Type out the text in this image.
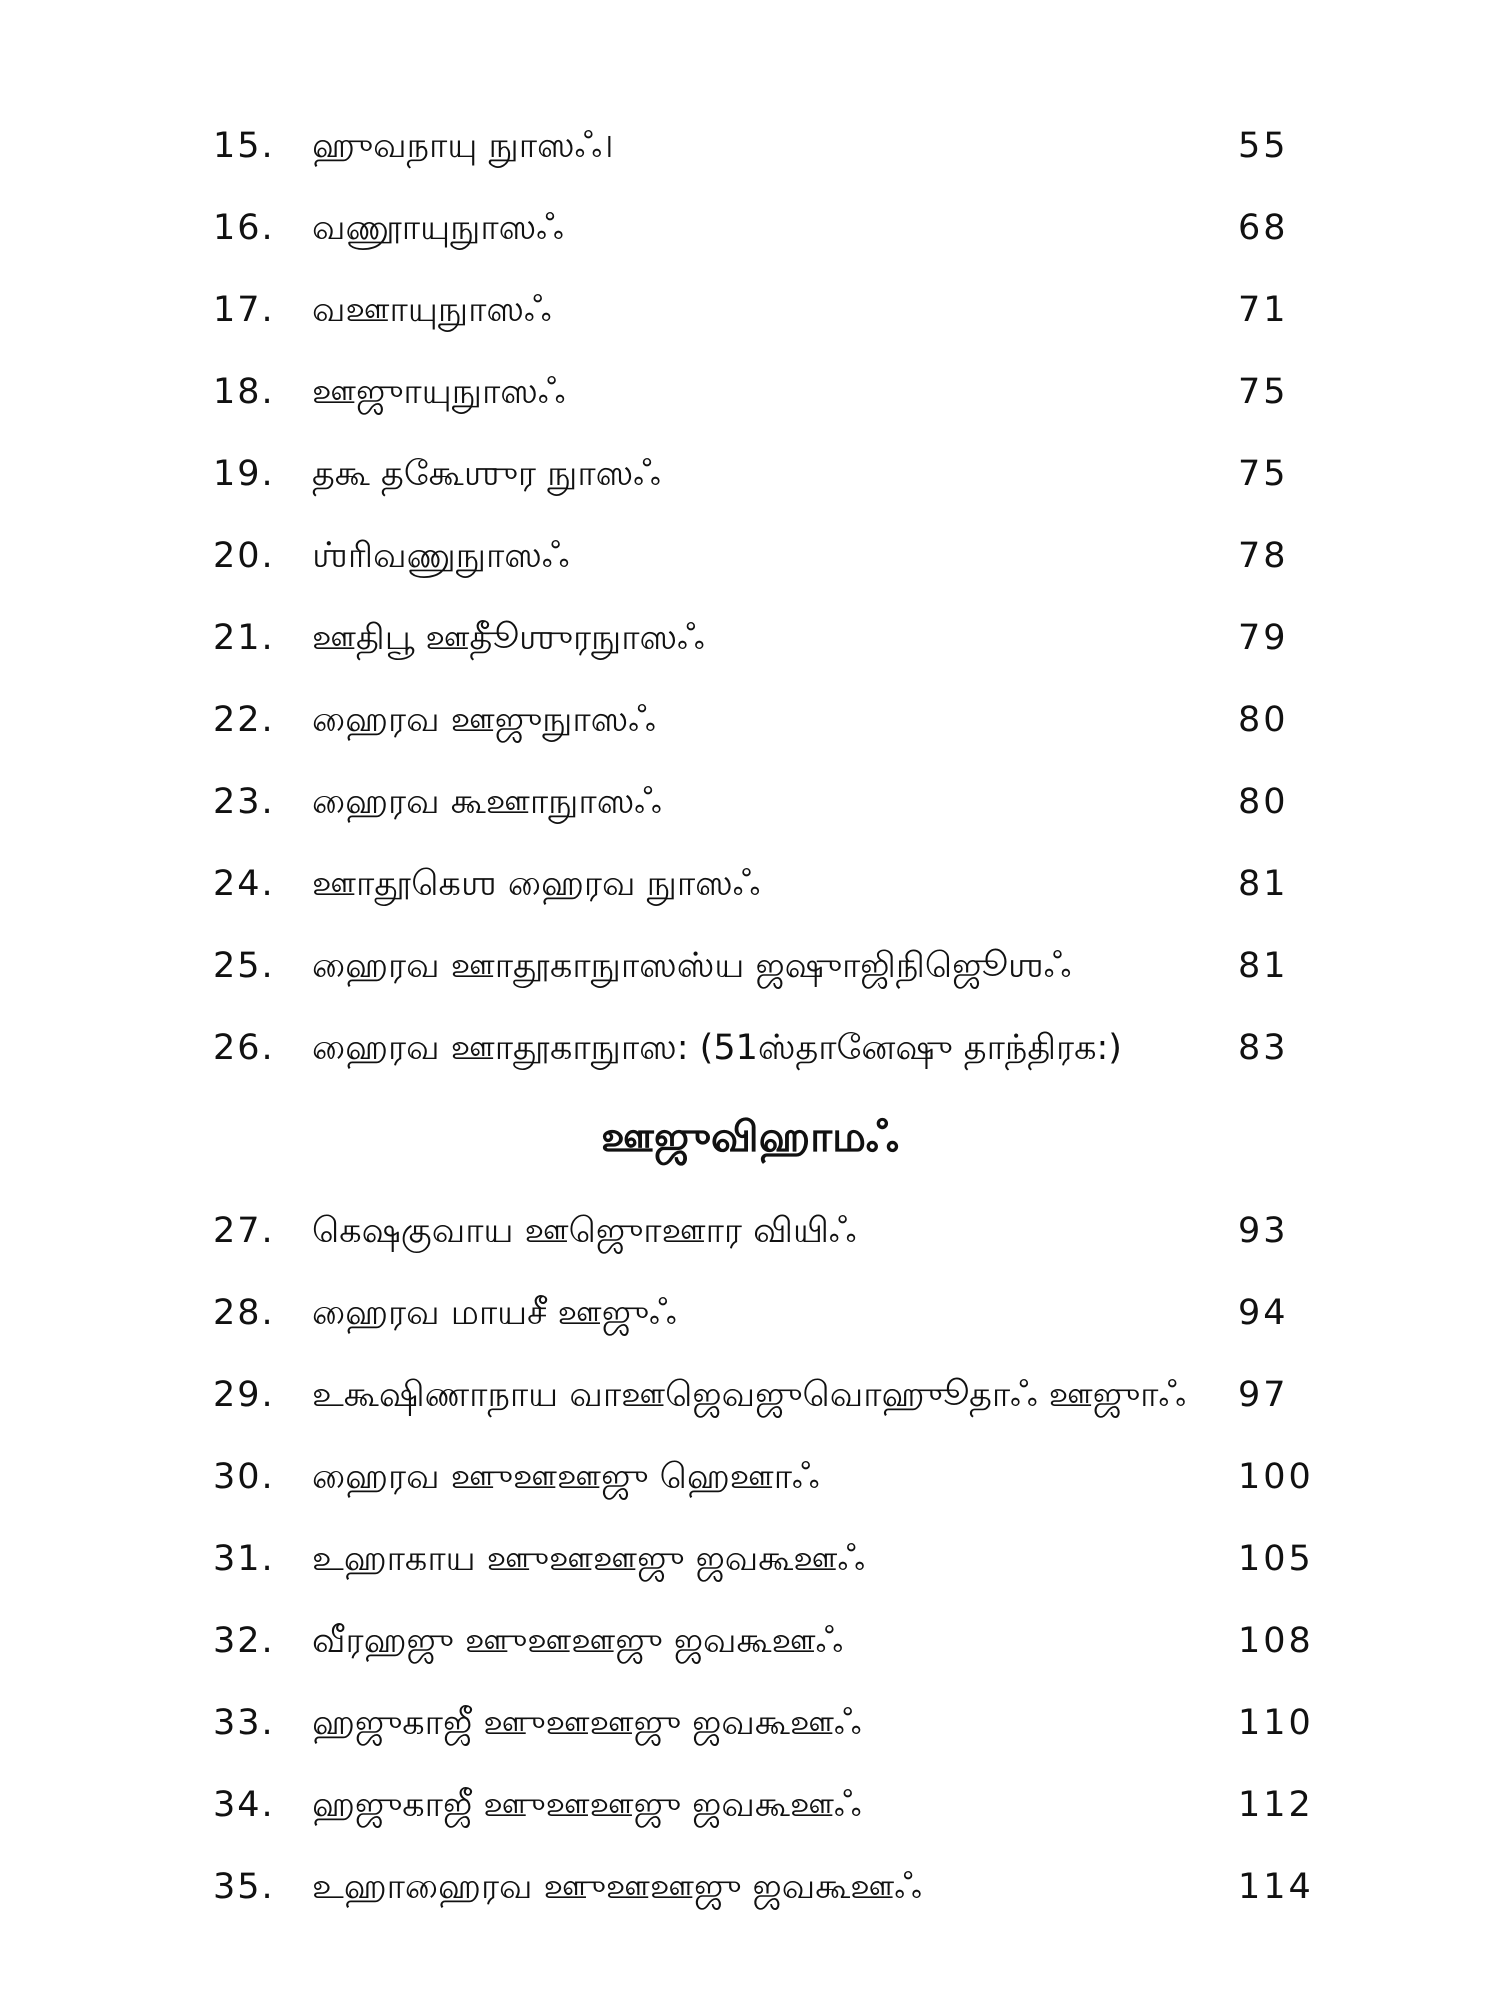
15.	ஹுவநாயு நுாஸஃ।	55
16.	வணூாயுநுாஸஃ	68
17.	வஊாயுநுாஸஃ	71
18.	ஊஜுாயுநுாஸஃ	75
19.	தகூ தகேூஶுர நுாஸஃ	75
20.	ஶ்ரிவணுநுாஸஃ	78
21.	ஊதிபூ ஊதீூஶுரநுாஸஃ	79
22.	ஹைரவ ஊஜுநுாஸஃ	80
23.	ஹைரவ கூஊாநுாஸஃ	80
24.	ஊாதூகெஶ ஹைரவ நுாஸஃ	81
25.	ஹைரவ ஊாதூகாநுாஸஸ்ய ஜஷுாஜிநிஜெூஶஃ	81
26.	ஹைரவ ஊாதூகாநுாஸ: (51ஸ்தானேஷு தாந்திரக:)	83
ஊஜுவிஹாமஃ
27.	கெஷகுவாய ஊஜுொஊார வியிஃ	93
28.	ஹைரவ மாயசீ ஊஜுஃ	94
29.	உகூஷிணாநாய வாஊஜெவஜுவொஹுூதாஃ ஊஜுாஃ 97
30.	ஹைரவ ஊுஊஊஜு ஹெஊாஃ	100
31.	உஹாகாய ஊுஊஊஜு ஜவகூஊஃ	105
32.	வீரஹஜு ஊுஊஊஜு ஜவகூஊஃ	108
33.	ஹஜுகாஜீ ஊுஊஊஜு ஜவகூஊஃ	110
34.	ஹஜுகாஜீ ஊுஊஊஜு ஜவகூஊஃ	112
35.	உஹாஹைரவ ஊுஊஊஜு ஜவகூஊஃ	114
